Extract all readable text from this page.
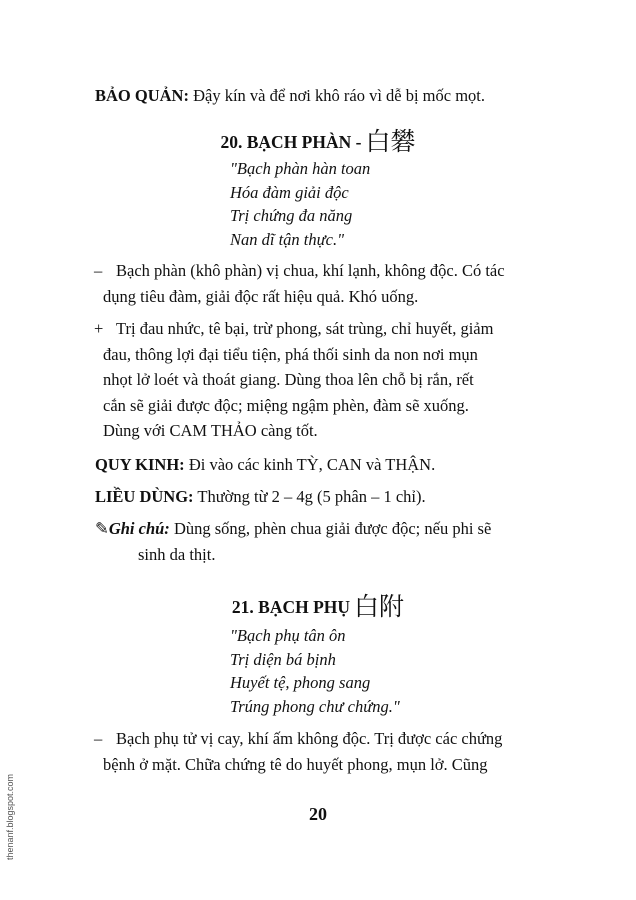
BẢO QUẢN: Đậy kín và để nơi khô ráo vì dễ bị mốc mọt.

20. BẠCH PHÀN - 白礬
"Bạch phàn hàn toan
Hóa đàm giải độc
Trị chứng đa năng
Nan dĩ tận thực."
– Bạch phàn (khô phàn) vị chua, khí lạnh, không độc. Có tác
dụng tiêu đàm, giải độc rất hiệu quả. Khó uống.
+ Trị đau nhức, tê bại, trừ phong, sát trùng, chỉ huyết, giảm
đau, thông lợi đại tiểu tiện, phá thối sinh da non nơi mụn
nhọt lở loét và thoát giang. Dùng thoa lên chỗ bị rắn, rết
cắn sẽ giải được độc; miệng ngậm phèn, đàm sẽ xuống.
Dùng với CAM THẢO càng tốt.

QUY KINH: Đi vào các kinh TỲ, CAN và THẬN.

LIỀU DÙNG: Thường từ 2 – 4g (5 phân – 1 chỉ).

✎Ghi chú: Dùng sống, phèn chua giải được độc; nếu phi sẽ
sinh da thịt.
21. BẠCH PHỤ 白附
"Bạch phụ tân ôn
Trị diện bá bịnh
Huyết tệ, phong sang
Trúng phong chư chứng."
– Bạch phụ tử vị cay, khí ấm không độc. Trị được các chứng
bệnh ở mặt. Chữa chứng tê do huyết phong, mụn lở. Cũng

20

thenanf.blogspot.com
